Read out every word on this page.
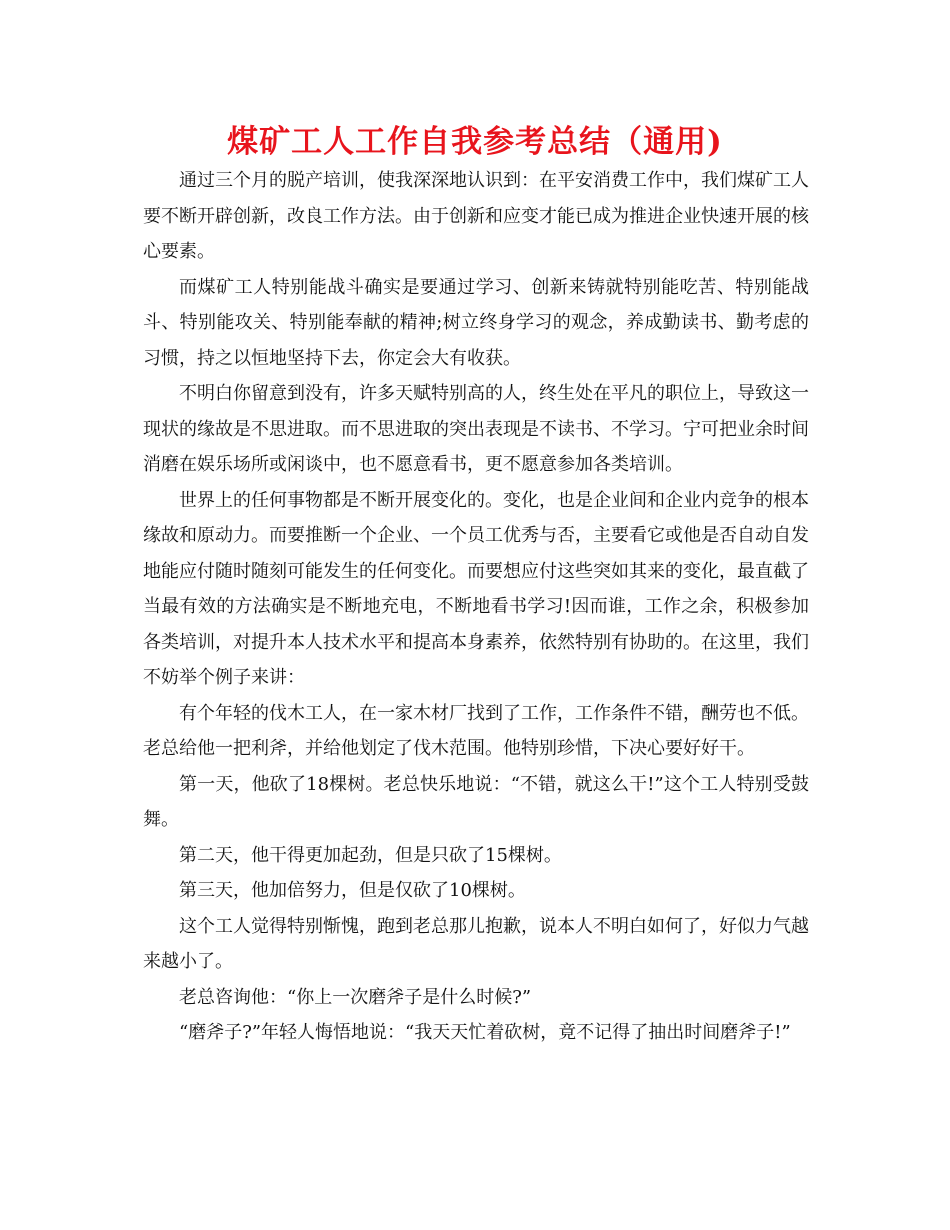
煤矿工人工作自我参考总结（通用)

通过三个月的脱产培训，使我深深地认识到：在平安消费工作中，我们煤矿工人要不断开辟创新，改良工作方法。由于创新和应变才能已成为推进企业快速开展的核心要素。

而煤矿工人特别能战斗确实是要通过学习、创新来铸就特别能吃苦、特别能战斗、特别能攻关、特别能奉献的精神;树立终身学习的观念，养成勤读书、勤考虑的习惯，持之以恒地坚持下去，你定会大有收获。

不明白你留意到没有，许多天赋特别高的人，终生处在平凡的职位上，导致这一现状的缘故是不思进取。而不思进取的突出表现是不读书、不学习。宁可把业余时间消磨在娱乐场所或闲谈中，也不愿意看书，更不愿意参加各类培训。

世界上的任何事物都是不断开展变化的。变化，也是企业间和企业内竞争的根本缘故和原动力。而要推断一个企业、一个员工优秀与否，主要看它或他是否自动自发地能应付随时随刻可能发生的任何变化。而要想应付这些突如其来的变化，最直截了当最有效的方法确实是不断地充电，不断地看书学习!因而谁，工作之余，积极参加各类培训，对提升本人技术水平和提高本身素养，依然特别有协助的。在这里，我们不妨举个例子来讲：

有个年轻的伐木工人，在一家木材厂找到了工作，工作条件不错，酬劳也不低。老总给他一把利斧，并给他划定了伐木范围。他特别珍惜，下决心要好好干。

第一天，他砍了18棵树。老总快乐地说：“不错，就这么干!”这个工人特别受鼓舞。

第二天，他干得更加起劲，但是只砍了15棵树。

第三天，他加倍努力，但是仅砍了10棵树。

这个工人觉得特别惭愧，跑到老总那儿抱歉，说本人不明白如何了，好似力气越来越小了。

老总咨询他：“你上一次磨斧子是什么时候?”

“磨斧子?”年轻人悔悟地说：“我天天忙着砍树，竟不记得了抽出时间磨斧子!”
